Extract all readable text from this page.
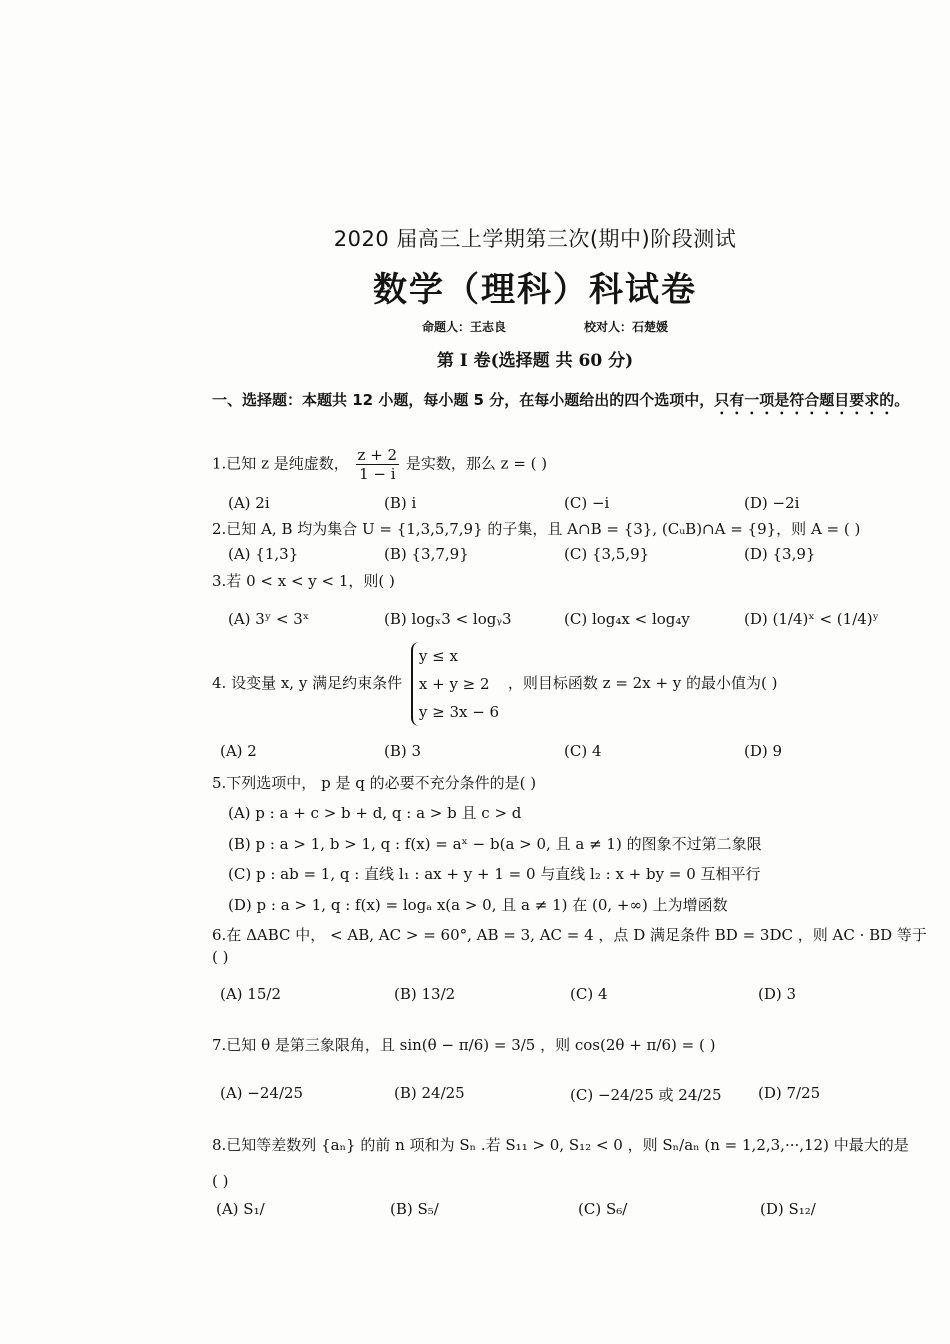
2020 届高三上学期第三次(期中)阶段测试
数学（理科）科试卷
命题人：王志良	校对人：石楚媛
第 Ⅰ 卷(选择题 共 60 分)
一、选择题：本题共 12 小题，每小题 5 分，在每小题给出的四个选项中，只有一项是符合题目要求的。
1.已知 z 是纯虚数， $\frac{z + 2}{1 - i}$ 是实数，那么 z = ( )
(A) 2i	(B) i	(C) −i	(D) −2i
2.已知 A, B 均为集合 U = {1,3,5,7,9} 的子集，且 A∩B = {3}, (CᵤB)∩A = {9}，则 A = ( )
(A) {1,3}	(B) {3,7,9}	(C) {3,5,9}	(D) {3,9}
3.若 0 < x < y < 1，则( )
(A) 3ʸ < 3ˣ	(B) logₓ3 < logᵧ3	(C) log₄x < log₄y	(D) (1/4)ˣ < (1/4)ʸ
4. 设变量 x, y 满足约束条件
y ≤ x
x + y ≥ 2
y ≥ 3x − 6
，则目标函数 z = 2x + y 的最小值为( )
(A) 2	(B) 3	(C) 4	(D) 9
5.下列选项中， p 是 q 的必要不充分条件的是( )
(A) p : a + c > b + d, q : a > b 且 c > d
(B) p : a > 1, b > 1, q : f(x) = aˣ − b(a > 0, 且 a ≠ 1) 的图象不过第二象限
(C) p : ab = 1, q : 直线 l₁ : ax + y + 1 = 0 与直线 l₂ : x + by = 0 互相平行
(D) p : a > 1, q : f(x) = logₐ x(a > 0, 且 a ≠ 1) 在 (0, +∞) 上为增函数
6.在 ΔABC 中， < AB, AC > = 60°, AB = 3, AC = 4 ，点 D 满足条件 BD = 3DC ，则 AC · BD 等于
( )
(A) 15/2	(B) 13/2	(C) 4	(D) 3
7.已知 θ 是第三象限角，且 sin(θ − π/6) = 3/5 ，则 cos(2θ + π/6) = ( )
(A) −24/25	(B) 24/25	(C) −24/25 或 24/25 (D) 7/25
8.已知等差数列 {aₙ} 的前 n 项和为 Sₙ .若 S₁₁ > 0, S₁₂ < 0 ，则 Sₙ/aₙ (n = 1,2,3,···,12) 中最大的是
( )
(A) S₁/	(B) S₅/	(C) S₆/	(D) S₁₂/
